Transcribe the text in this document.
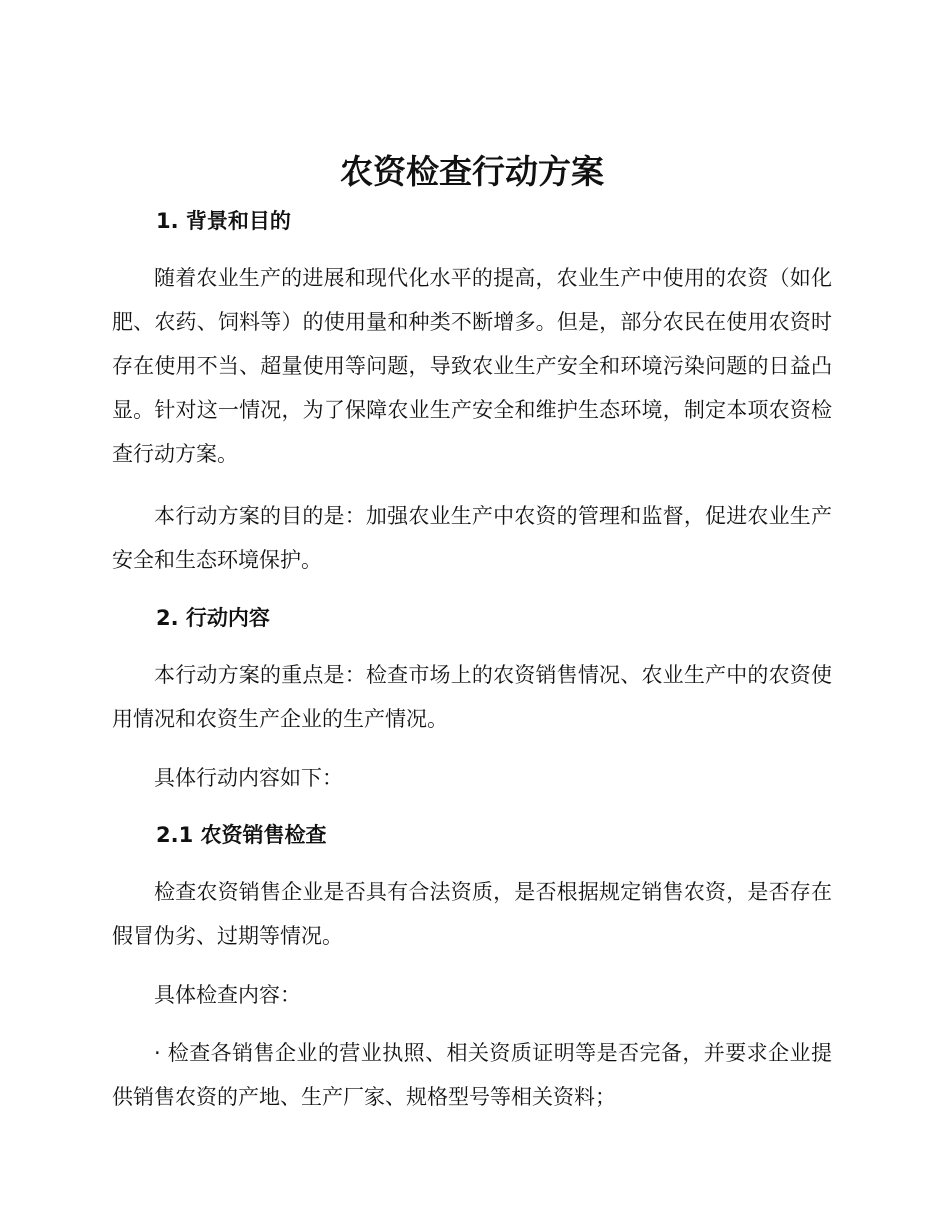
农资检查行动方案
1. 背景和目的

随着农业生产的进展和现代化水平的提高，农业生产中使用的农资（如化肥、农药、饲料等）的使用量和种类不断增多。但是，部分农民在使用农资时存在使用不当、超量使用等问题，导致农业生产安全和环境污染问题的日益凸显。针对这一情况，为了保障农业生产安全和维护生态环境，制定本项农资检查行动方案。

本行动方案的目的是：加强农业生产中农资的管理和监督，促进农业生产安全和生态环境保护。

2. 行动内容

本行动方案的重点是：检查市场上的农资销售情况、农业生产中的农资使用情况和农资生产企业的生产情况。

具体行动内容如下：

2.1 农资销售检查

检查农资销售企业是否具有合法资质，是否根据规定销售农资，是否存在假冒伪劣、过期等情况。

具体检查内容：

· 检查各销售企业的营业执照、相关资质证明等是否完备，并要求企业提供销售农资的产地、生产厂家、规格型号等相关资料；
